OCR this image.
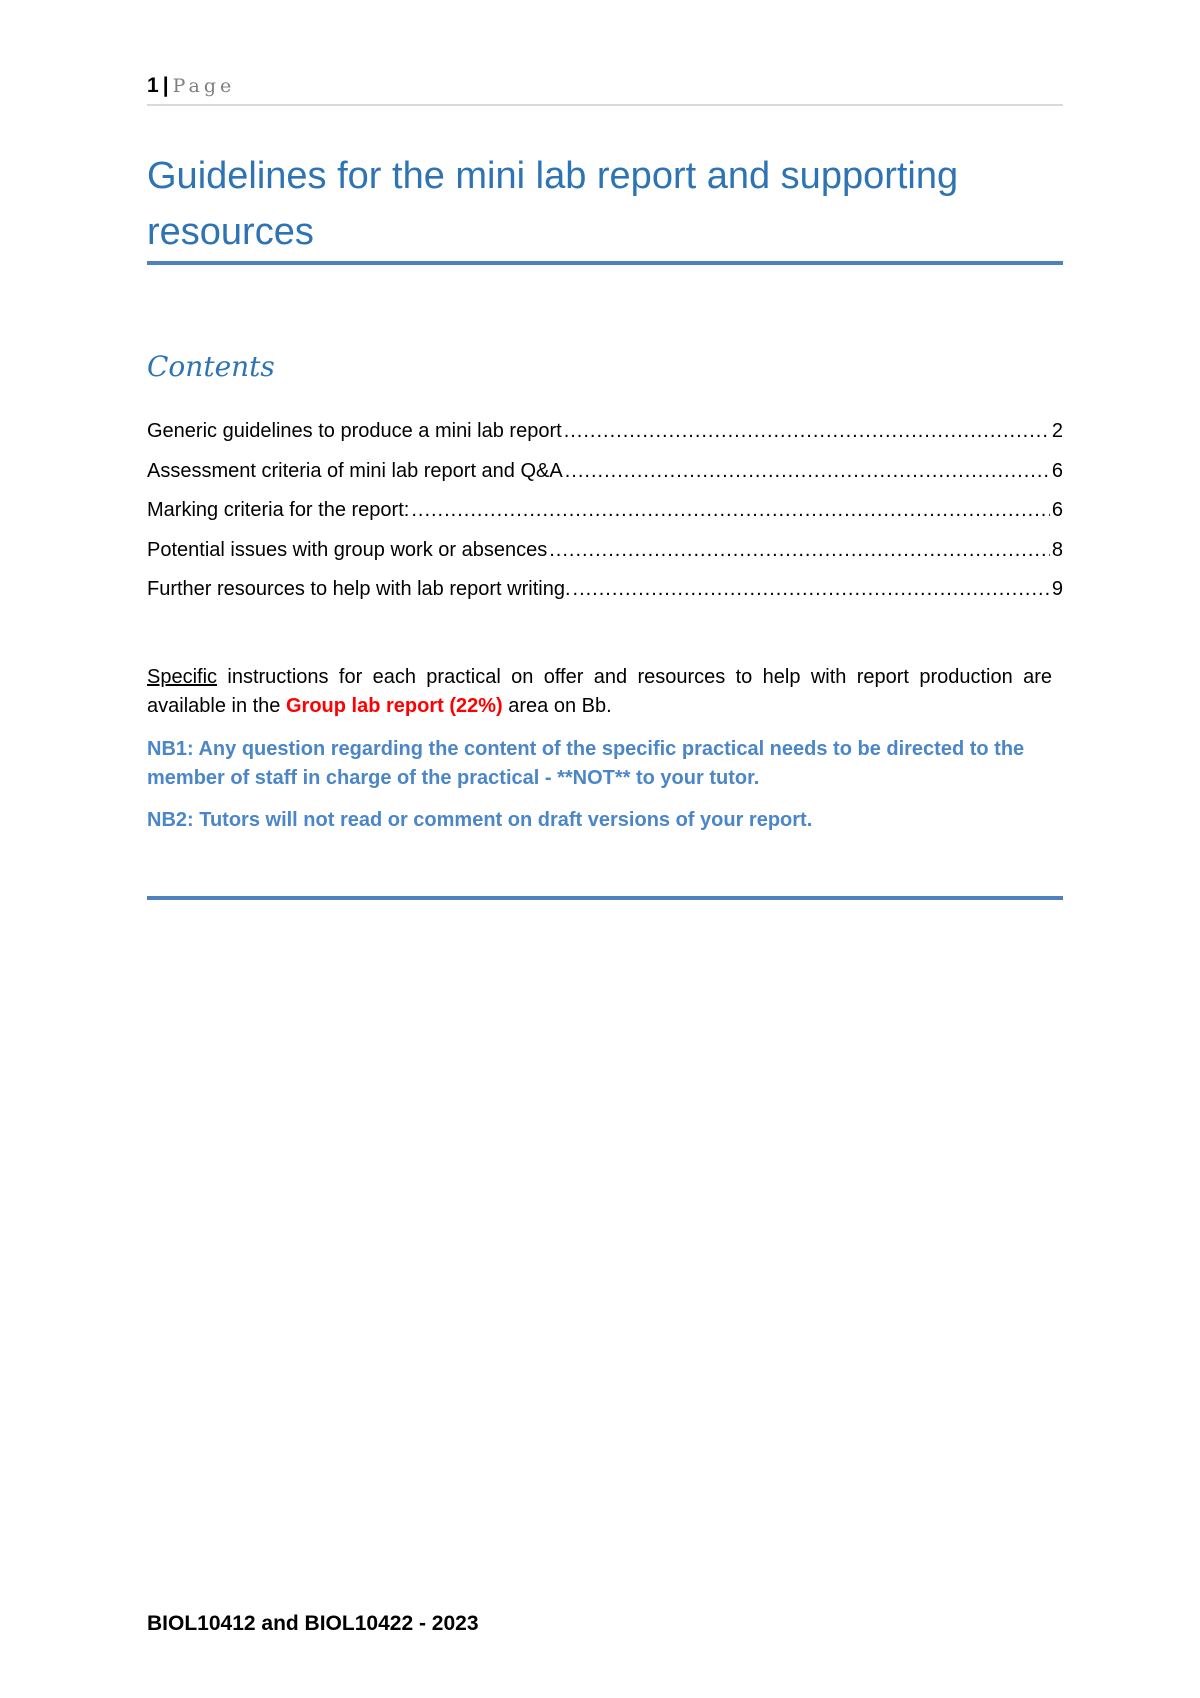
1 | Page
Guidelines for the mini lab report and supporting resources
Contents
Generic guidelines to produce a mini lab report .....	2
Assessment criteria of mini lab report and Q&A .....	6
Marking criteria for the report: .....	6
Potential issues with group work or absences .....	8
Further resources to help with lab report writing. .....	9

Specific instructions for each practical on offer and resources to help with report production are available in the Group lab report (22%) area on Bb.

NB1: Any question regarding the content of the specific practical needs to be directed to the member of staff in charge of the practical - **NOT** to your tutor.

NB2: Tutors will not read or comment on draft versions of your report.

BIOL10412 and BIOL10422 - 2023
